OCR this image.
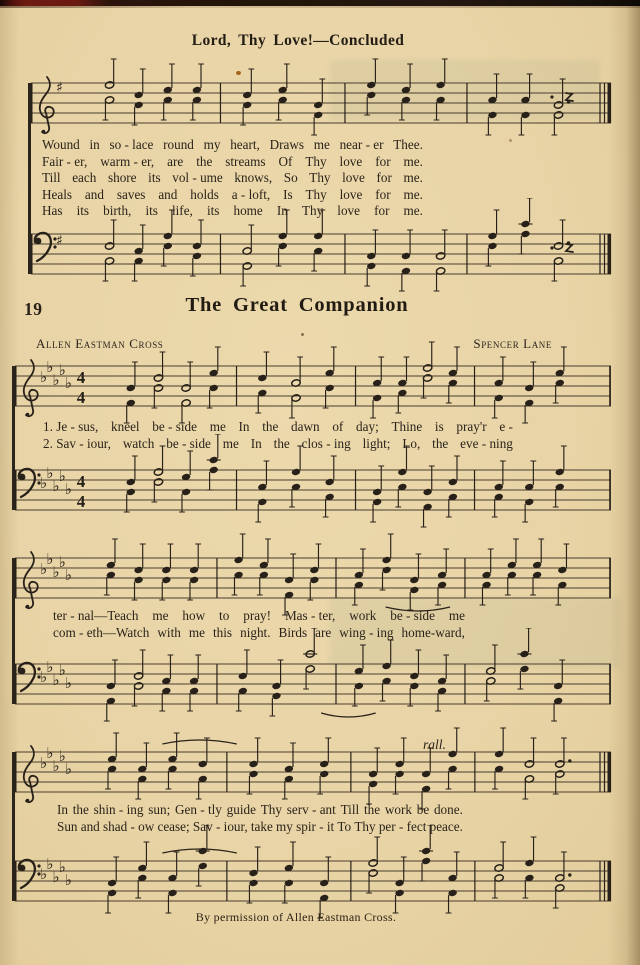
Lord, Thy Love!—Concluded
♯
Wound in so - lace round my heart, Draws me near - er Thee.
Fair - er, warm - er, are the streams Of Thy love for me.
Till each shore its vol - ume knows, So Thy love for me.
Heals and saves and holds a - loft, Is Thy love for me.
Has its birth, its life, its home In Thy love for me.
♯
19	The Great Companion
Allen Eastman Cross	Spencer Lane
♭
♭
♭
♭
♭ 4
4
1. Je - sus, kneel be - side me In the dawn of day; Thine is pray'r e -
2. Sav - iour, watch be - side me In the clos - ing light; Lo, the eve - ning
♭
♭
♭
♭
♭ 4
4
♭
♭
♭
♭
♭
ter - nal—Teach me how to pray! Mas - ter, work be - side me
com - eth—Watch with me this night. Birds are wing - ing home-ward,
♭
♭
♭
♭
♭
rall.
♭
♭
♭
♭
♭
In the shin - ing sun; Gen - tly guide Thy serv - ant Till the work be done.
Sun and shad - ow cease; Sav - iour, take my spir - it To Thy per - fect peace.
♭
♭
♭
♭
♭
By permission of Allen Eastman Cross.
